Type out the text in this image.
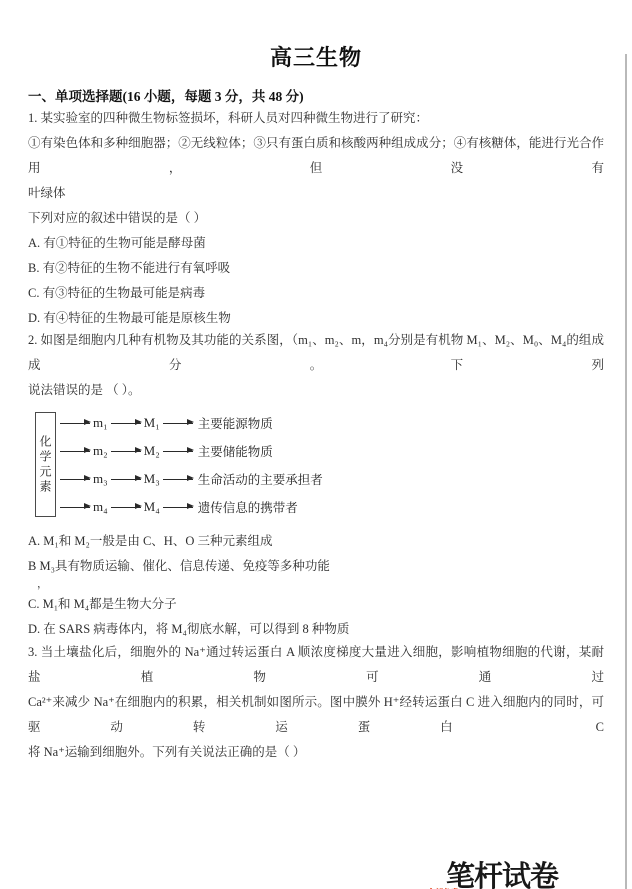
高三生物
一、单项选择题(16 小题，每题 3 分，共 48 分)
1. 某实验室的四种微生物标签损坏，科研人员对四种微生物进行了研究：
①有染色体和多种细胞器；②无线粒体；③只有蛋白质和核酸两种组成成分；④有核糖体，能进行光合作用，但没有
叶绿体
下列对应的叙述中错误的是（ ）
A. 有①特征的生物可能是酵母菌
B. 有②特征的生物不能进行有氧呼吸
C. 有③特征的生物最可能是病毒
D. 有④特征的生物最可能是原核生物
2. 如图是细胞内几种有机物及其功能的关系图，（m₁、m₂、m，m₄分别是有机物 M₁、M₂、M₀、M₄的组成成分。下列
说法错误的是 （ ）。
化学元素
m₁	M₁	主要能源物质
m₂	M₂	主要储能物质
m₃	M₃	生命活动的主要承担者
m₄	M₄	遗传信息的携带者
A. M₁和 M₂一般是由 C、H、O 三种元素组成
B M₃具有物质运输、催化、信息传递、免疫等多种功能
，
C. M₁和 M₄都是生物大分子
D. 在 SARS 病毒体内，将 M₄彻底水解，可以得到 8 种物质
3. 当土壤盐化后，细胞外的 Na⁺通过转运蛋白 A 顺浓度梯度大量进入细胞，影响植物细胞的代谢，某耐盐植物可通过
Ca²⁺来减少 Na⁺在细胞内的积累，相关机制如图所示。图中膜外 H⁺经转运蛋白 C 进入细胞内的同时，可驱动转运蛋白 C
将 Na⁺运输到细胞外。下列有关说法正确的是（ ）
笔杆试卷
